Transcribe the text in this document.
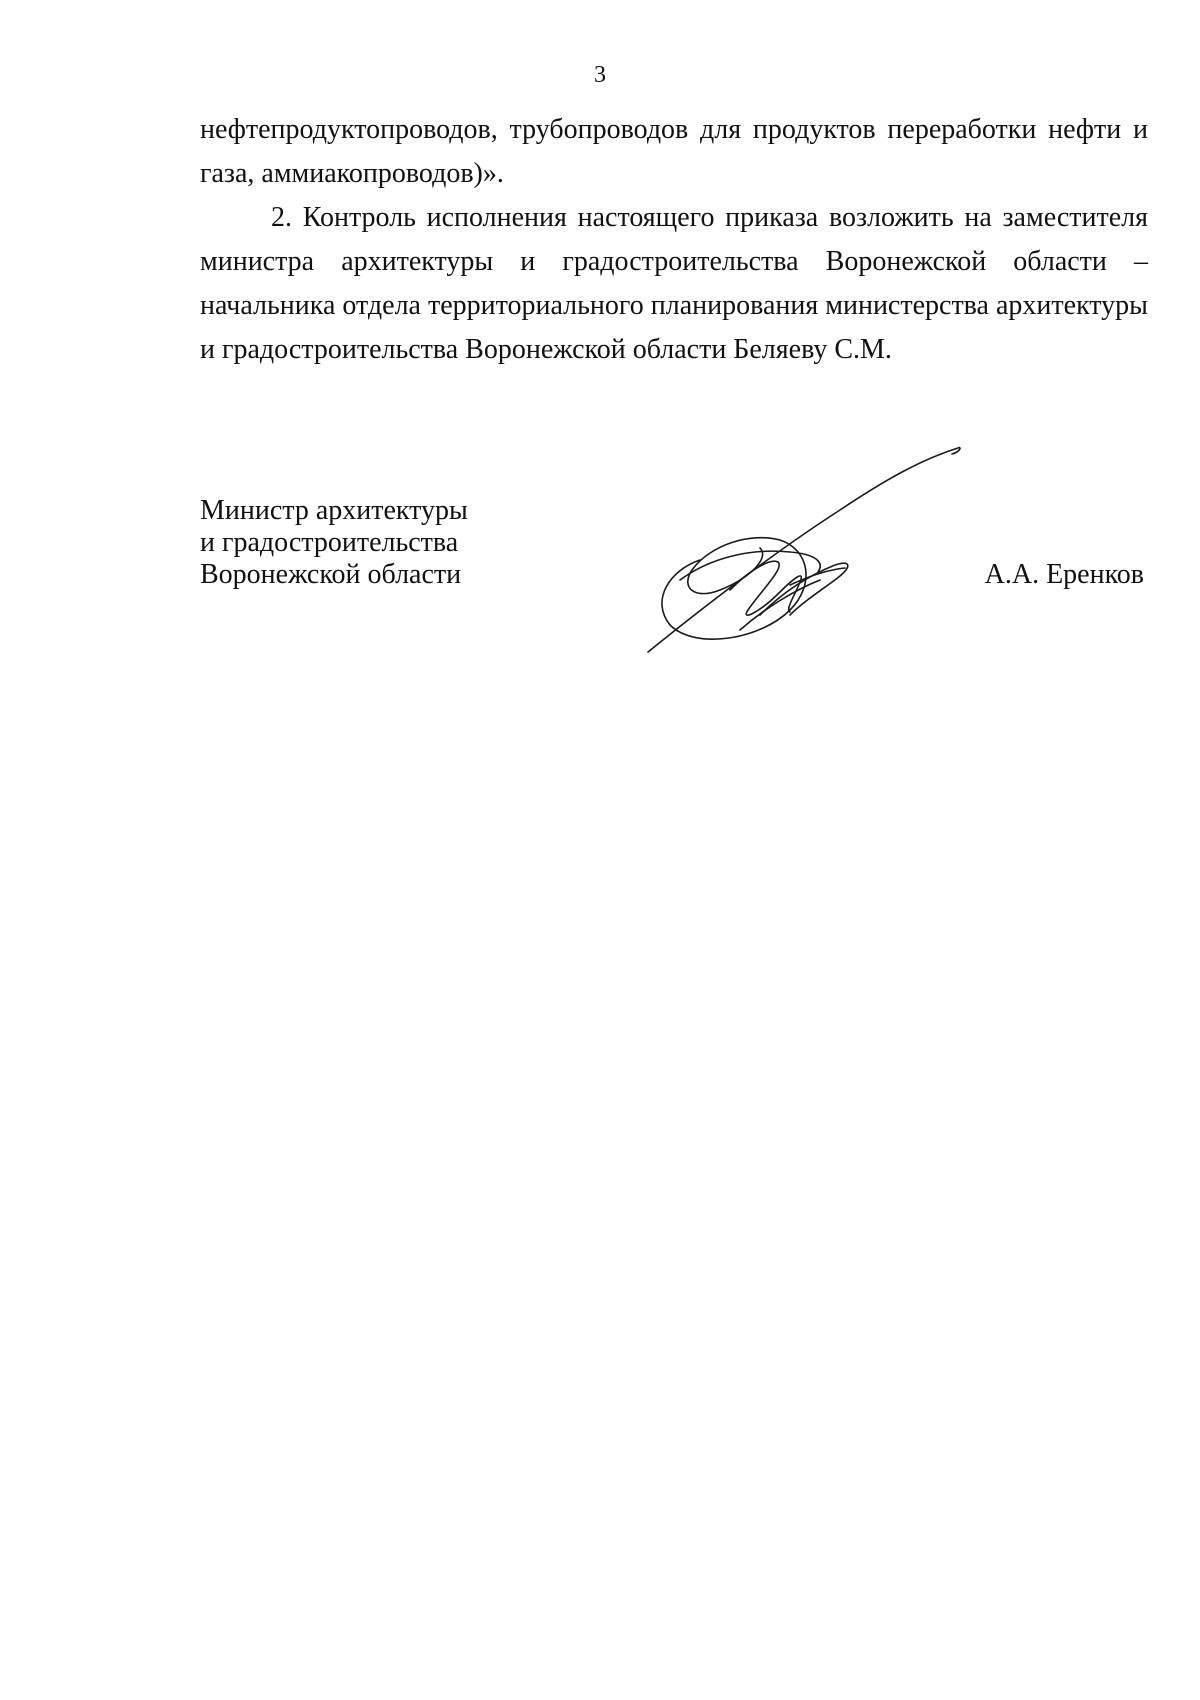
3

нефтепродуктопроводов, трубопроводов для продуктов переработки нефти и газа, аммиакопроводов)».

2. Контроль исполнения настоящего приказа возложить на заместителя министра архитектуры и градостроительства Воронежской области – начальника отдела территориального планирования министерства архитектуры и градостроительства Воронежской области Беляеву С.М.

Министр архитектуры
и градостроительства
Воронежской области	А.А. Еренков
